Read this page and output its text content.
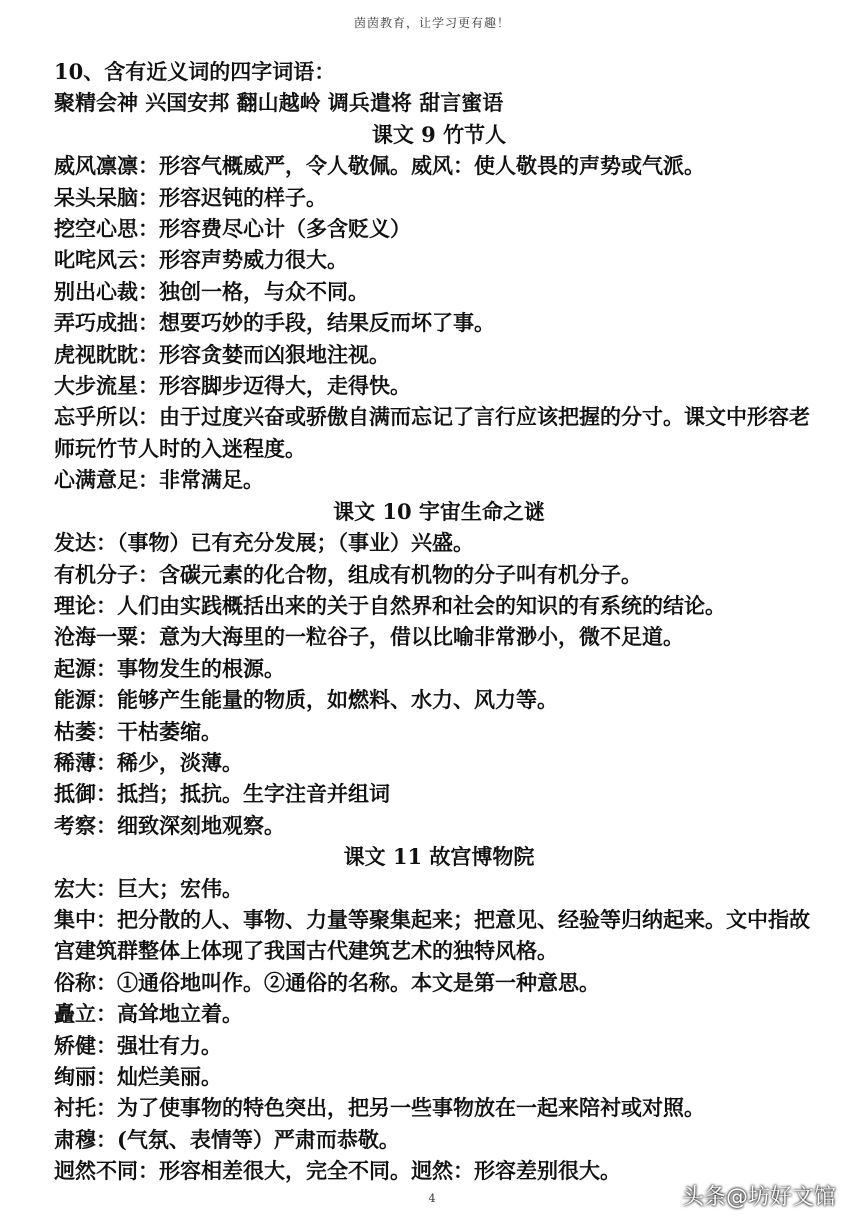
茵茵教育，让学习更有趣！
10、含有近义词的四字词语：
聚精会神 兴国安邦 翻山越岭 调兵遣将 甜言蜜语
课文 9 竹节人
威风凛凛：形容气概威严，令人敬佩。威风：使人敬畏的声势或气派。
呆头呆脑：形容迟钝的样子。
挖空心思：形容费尽心计（多含贬义）
叱咤风云：形容声势威力很大。
别出心裁：独创一格，与众不同。
弄巧成拙：想要巧妙的手段，结果反而坏了事。
虎视眈眈：形容贪婪而凶狠地注视。
大步流星：形容脚步迈得大，走得快。
忘乎所以：由于过度兴奋或骄傲自满而忘记了言行应该把握的分寸。课文中形容老师玩竹节人时的入迷程度。
心满意足：非常满足。
课文 10 宇宙生命之谜
发达：（事物）已有充分发展；（事业）兴盛。
有机分子：含碳元素的化合物，组成有机物的分子叫有机分子。
理论：人们由实践概括出来的关于自然界和社会的知识的有系统的结论。
沧海一粟：意为大海里的一粒谷子，借以比喻非常渺小，微不足道。
起源：事物发生的根源。
能源：能够产生能量的物质，如燃料、水力、风力等。
枯萎：干枯萎缩。
稀薄：稀少，淡薄。
抵御：抵挡；抵抗。生字注音并组词
考察：细致深刻地观察。
课文 11 故宫博物院
宏大：巨大；宏伟。
集中：把分散的人、事物、力量等聚集起来；把意见、经验等归纳起来。文中指故宫建筑群整体上体现了我国古代建筑艺术的独特风格。
俗称：①通俗地叫作。②通俗的名称。本文是第一种意思。
矗立：高耸地立着。
矫健：强壮有力。
绚丽：灿烂美丽。
衬托：为了使事物的特色突出，把另一些事物放在一起来陪衬或对照。
肃穆：(气氛、表情等）严肃而恭敬。
迥然不同：形容相差很大，完全不同。迥然：形容差别很大。
4	头条@坊好文馆
